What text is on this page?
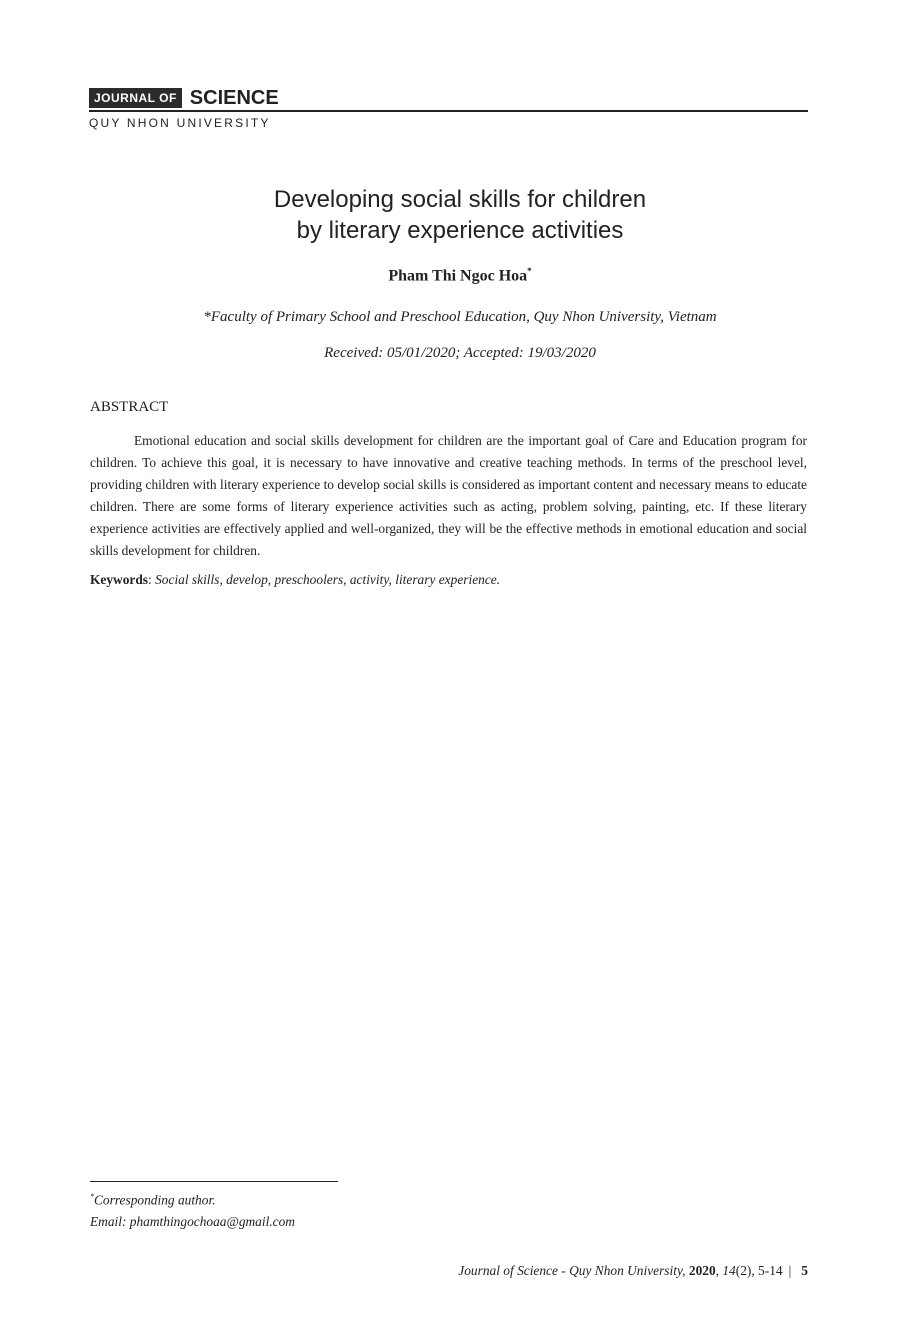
JOURNAL OF SCIENCE
QUY NHON UNIVERSITY
Developing social skills for children
by literary experience activities
Pham Thi Ngoc Hoa*
*Faculty of Primary School and Preschool Education, Quy Nhon University, Vietnam
Received: 05/01/2020; Accepted: 19/03/2020
ABSTRACT
Emotional education and social skills development for children are the important goal of Care and Education program for children. To achieve this goal, it is necessary to have innovative and creative teaching methods. In terms of the preschool level, providing children with literary experience to develop social skills is considered as important content and necessary means to educate children. There are some forms of literary experience activities such as acting, problem solving, painting, etc. If these literary experience activities are effectively applied and well-organized, they will be the effective methods in emotional education and social skills development for children.
Keywords: Social skills, develop, preschoolers, activity, literary experience.
*Corresponding author.
Email: phamthingochoaa@gmail.com
Journal of Science - Quy Nhon University, 2020, 14(2), 5-14 | 5
